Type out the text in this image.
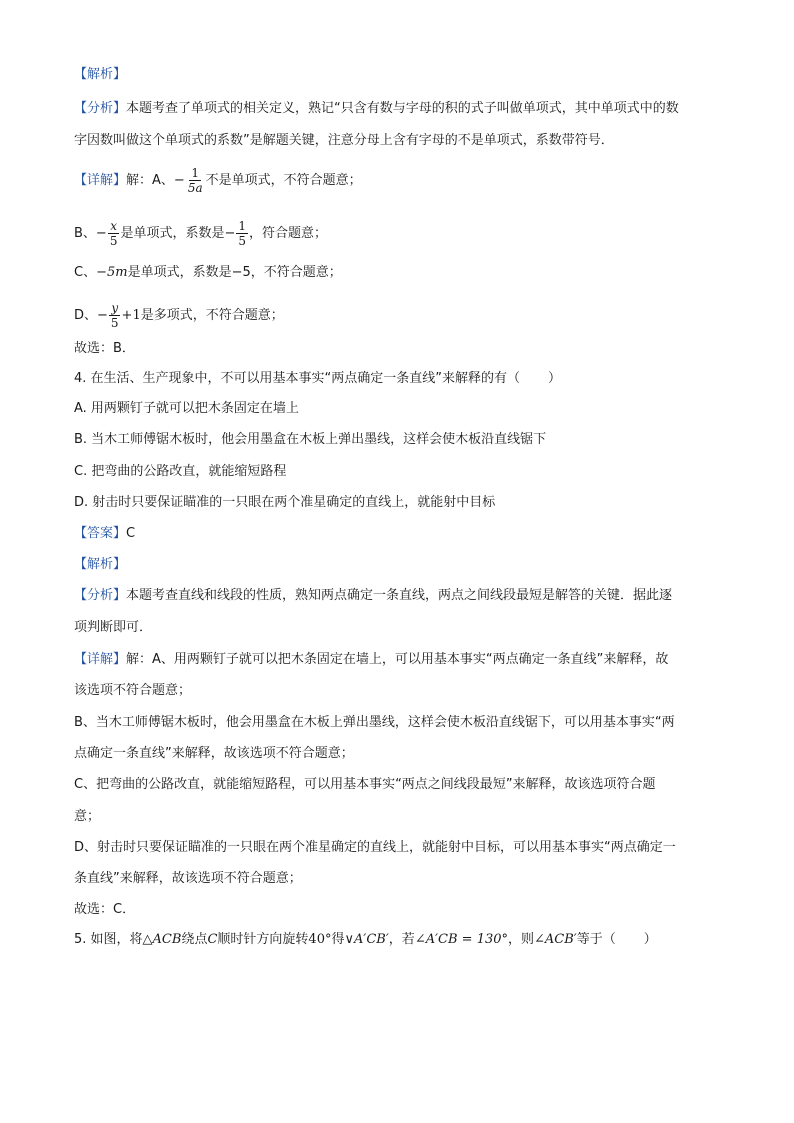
【解析】
【分析】本题考查了单项式的相关定义，熟记“只含有数与字母的积的式子叫做单项式，其中单项式中的数
字因数叫做这个单项式的系数”是解题关键，注意分母上含有字母的不是单项式，系数带符号．
【详解】解：A、− $\frac{1}{5a}$ 不是单项式，不符合题意；
B、− $\frac{x}{5}$ 是单项式，系数是− $\frac{1}{5}$ ，符合题意；
C、−5m是单项式，系数是−5，不符合题意；
D、− $\frac{y}{5} +1$是多项式，不符合题意；
故选：B．
4. 在生活、生产现象中，不可以用基本事实“两点确定一条直线”来解释的有（ ）
A. 用两颗钉子就可以把木条固定在墙上
B. 当木工师傅锯木板时，他会用墨盒在木板上弹出墨线，这样会使木板沿直线锯下
C. 把弯曲的公路改直，就能缩短路程
D. 射击时只要保证瞄准的一只眼在两个准星确定的直线上，就能射中目标
【答案】C
【解析】
【分析】本题考查直线和线段的性质，熟知两点确定一条直线，两点之间线段最短是解答的关键．据此逐
项判断即可．
【详解】解：A、用两颗钉子就可以把木条固定在墙上，可以用基本事实“两点确定一条直线”来解释，故
该选项不符合题意；
B、当木工师傅锯木板时，他会用墨盒在木板上弹出墨线，这样会使木板沿直线锯下，可以用基本事实“两
点确定一条直线”来解释，故该选项不符合题意；
C、把弯曲的公路改直，就能缩短路程，可以用基本事实“两点之间线段最短”来解释，故该选项符合题
意；
D、射击时只要保证瞄准的一只眼在两个准星确定的直线上，就能射中目标，可以用基本事实“两点确定一
条直线”来解释，故该选项不符合题意；
故选：C．
5. 如图，将△ACB绕点C顺时针方向旋转40°得∨A′CB′，若∠A′CB = 130°，则∠ACB′等于（ ）
